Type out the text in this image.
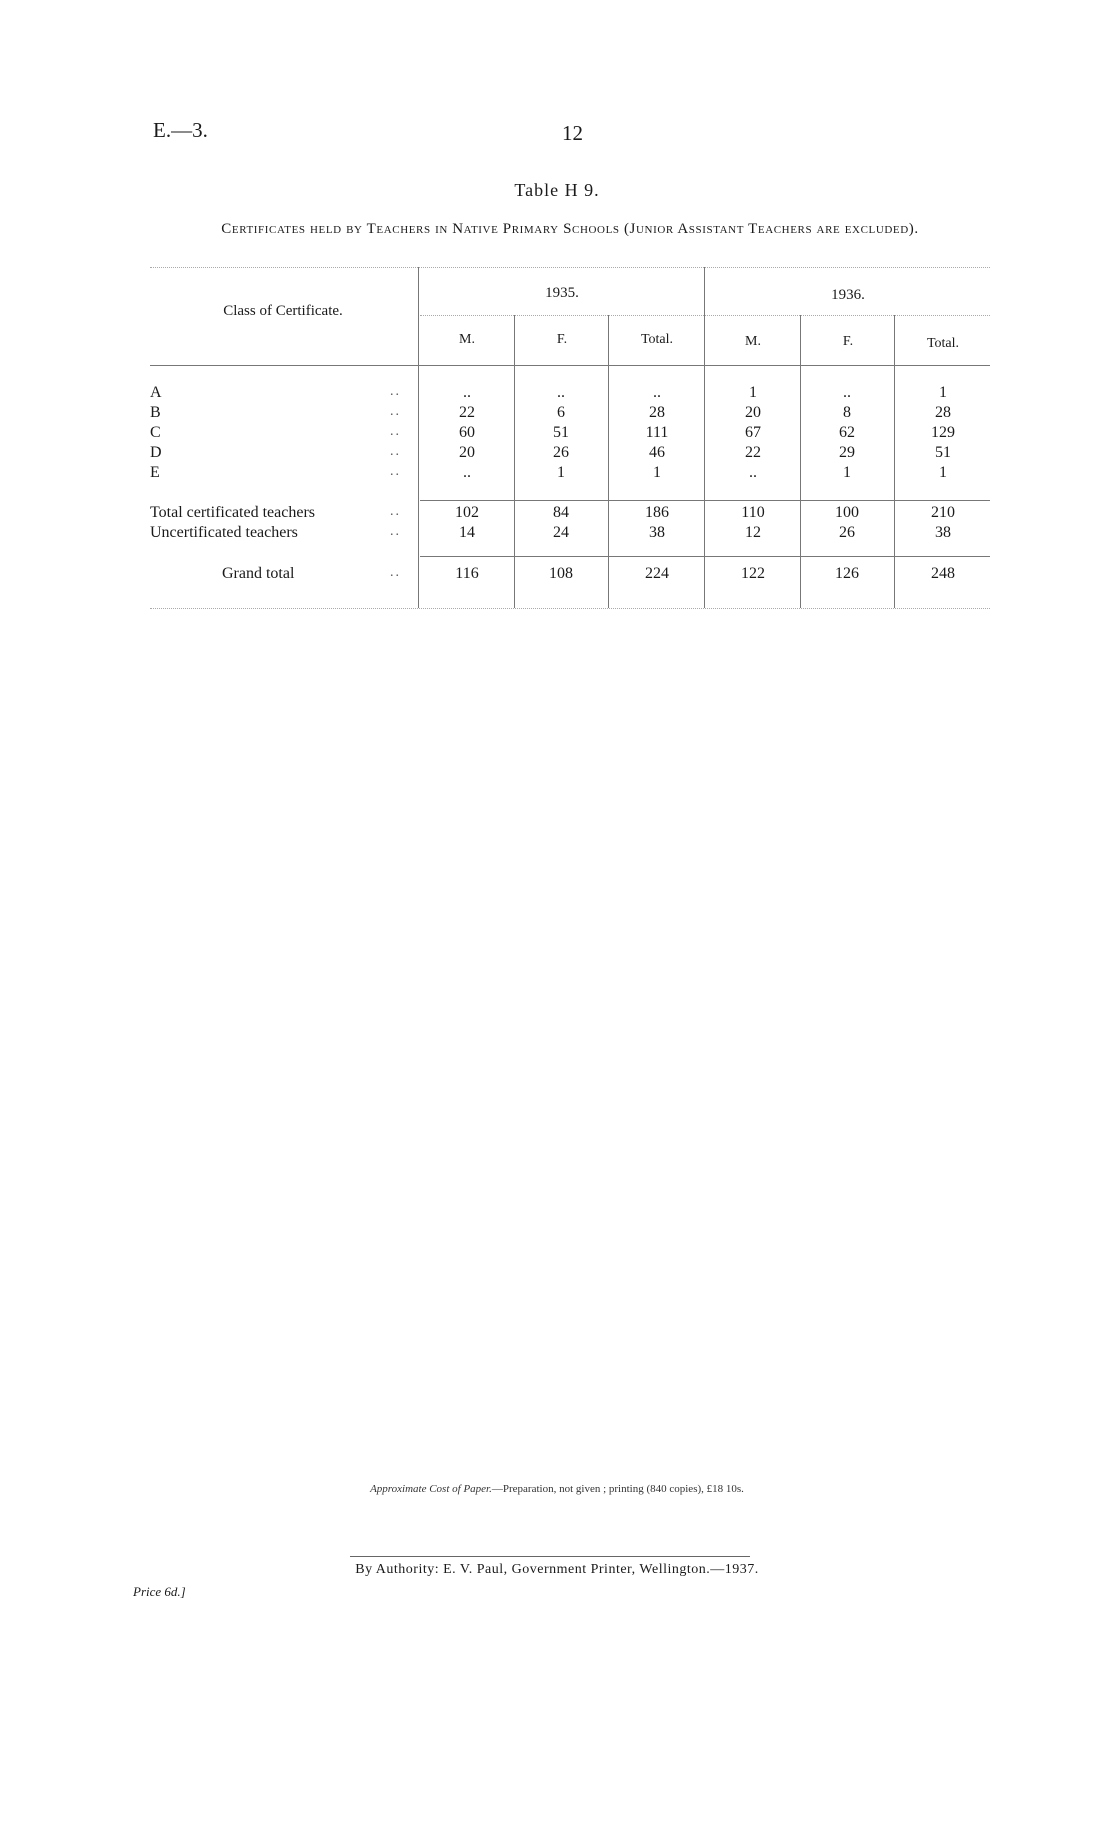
E.—3.	12
Table H 9.
Certificates held by Teachers in Native Primary Schools (Junior Assistant Teachers are excluded).
Class of Certificate.
1935.	1936.
M.	F.	Total.	M.	F.	Total.
A	..	..	..	..	1	..	1
B	..	22	6	28	20	8	28
C	..	60	51	111	67	62	129
D	..	20	26	46	22	29	51
E	..	..	1	1	..	1	1
Total certificated teachers	..	102	84	186	110	100	210
Uncertificated teachers	..	14	24	38	12	26	38
Grand total	..	116	108	224	122	126	248
Approximate Cost of Paper.—Preparation, not given ; printing (840 copies), £18 10s.
By Authority: E. V. Paul, Government Printer, Wellington.—1937.
Price 6d.]
